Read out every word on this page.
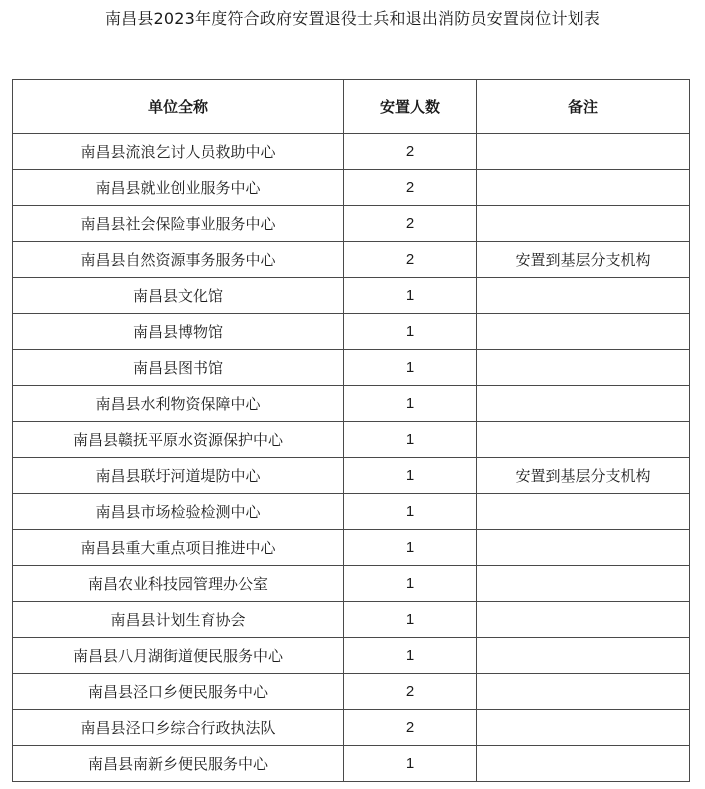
南昌县2023年度符合政府安置退役士兵和退出消防员安置岗位计划表
单位全称	安置人数	备注
南昌县流浪乞讨人员救助中心	2	
南昌县就业创业服务中心	2	
南昌县社会保险事业服务中心	2	
南昌县自然资源事务服务中心	2	安置到基层分支机构
南昌县文化馆	1	
南昌县博物馆	1	
南昌县图书馆	1	
南昌县水利物资保障中心	1	
南昌县赣抚平原水资源保护中心	1	
南昌县联圩河道堤防中心	1	安置到基层分支机构
南昌县市场检验检测中心	1	
南昌县重大重点项目推进中心	1	
南昌农业科技园管理办公室	1	
南昌县计划生育协会	1	
南昌县八月湖街道便民服务中心	1	
南昌县泾口乡便民服务中心	2	
南昌县泾口乡综合行政执法队	2	
南昌县南新乡便民服务中心	1	
